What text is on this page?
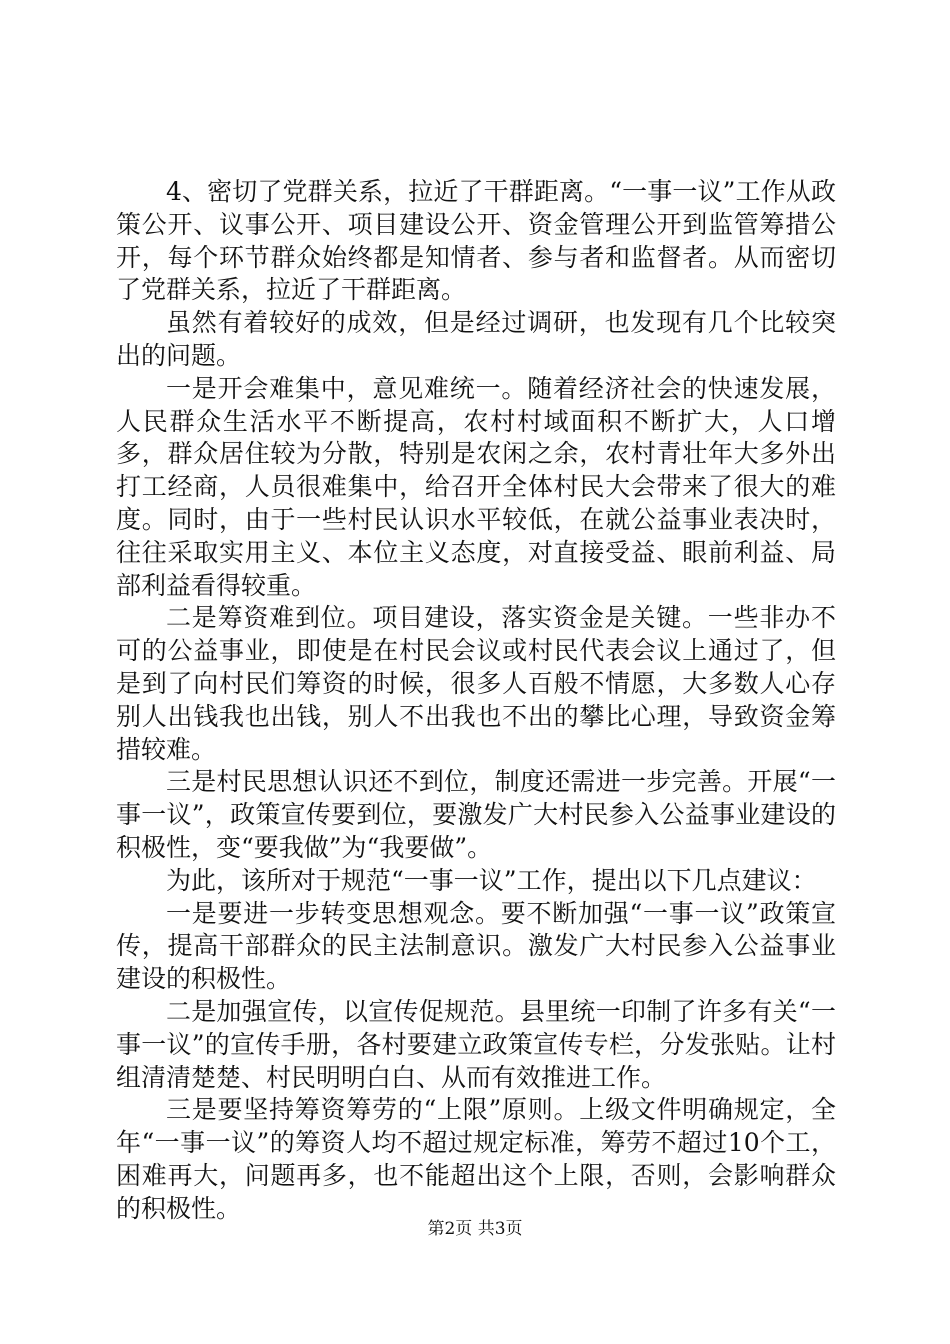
4、密切了党群关系，拉近了干群距离。“一事一议”工作从政策公开、议事公开、项目建设公开、资金管理公开到监管筹措公开，每个环节群众始终都是知情者、参与者和监督者。从而密切了党群关系，拉近了干群距离。

虽然有着较好的成效，但是经过调研，也发现有几个比较突出的问题。

一是开会难集中，意见难统一。随着经济社会的快速发展，人民群众生活水平不断提高，农村村域面积不断扩大，人口增多，群众居住较为分散，特别是农闲之余，农村青壮年大多外出打工经商，人员很难集中，给召开全体村民大会带来了很大的难度。同时，由于一些村民认识水平较低，在就公益事业表决时，往往采取实用主义、本位主义态度，对直接受益、眼前利益、局部利益看得较重。

二是筹资难到位。项目建设，落实资金是关键。一些非办不可的公益事业，即使是在村民会议或村民代表会议上通过了，但是到了向村民们筹资的时候，很多人百般不情愿，大多数人心存别人出钱我也出钱，别人不出我也不出的攀比心理，导致资金筹措较难。

三是村民思想认识还不到位，制度还需进一步完善。开展“一事一议”，政策宣传要到位，要激发广大村民参入公益事业建设的积极性，变“要我做”为“我要做”。

为此，该所对于规范“一事一议”工作，提出以下几点建议：

一是要进一步转变思想观念。要不断加强“一事一议”政策宣传，提高干部群众的民主法制意识。激发广大村民参入公益事业建设的积极性。

二是加强宣传，以宣传促规范。县里统一印制了许多有关“一事一议”的宣传手册，各村要建立政策宣传专栏，分发张贴。让村组清清楚楚、村民明明白白、从而有效推进工作。

三是要坚持筹资筹劳的“上限”原则。上级文件明确规定，全年“一事一议”的筹资人均不超过规定标准，筹劳不超过10个工，困难再大，问题再多，也不能超出这个上限，否则，会影响群众的积极性。

第2页 共3页
